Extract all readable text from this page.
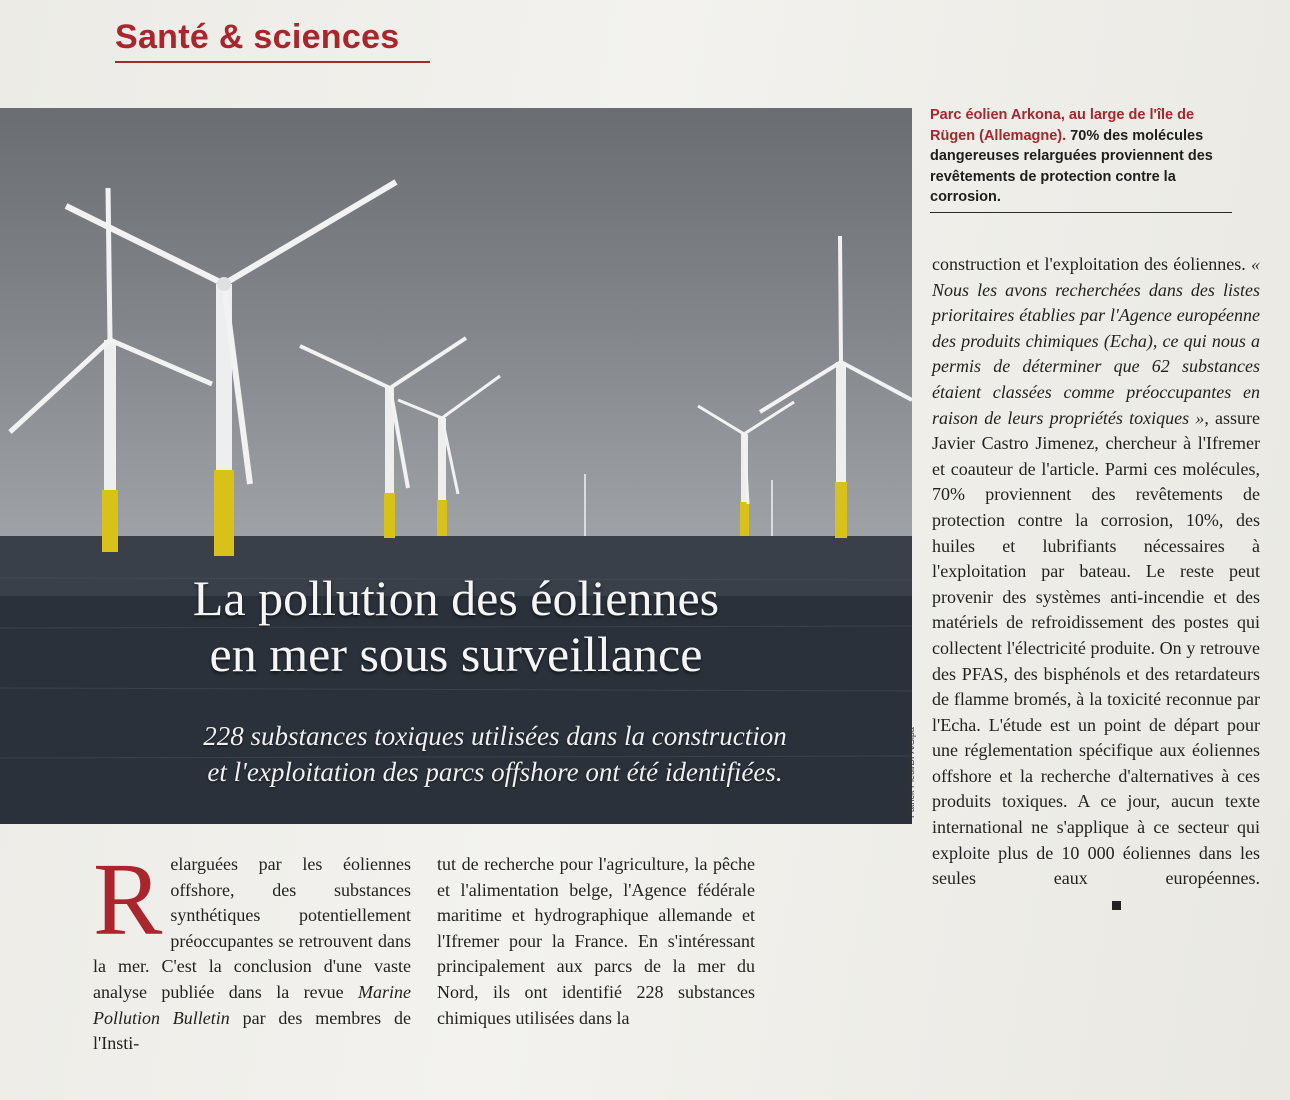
Santé & sciences
La pollution des éoliennes
en mer sous surveillance
228 substances toxiques utilisées dans la construction
et l'exploitation des parcs offshore ont été identifiées.	Patrick Pleul/DPA/Sipa
Parc éolien Arkona, au large de l'île de Rügen (Allemagne). 70% des molécules dangereuses relarguées proviennent des revêtements de protection contre la corrosion.
Relarguées par les éoliennes offshore, des substances synthétiques potentiellement préoccupantes se retrouvent dans la mer. C'est la conclusion d'une vaste analyse publiée dans la revue Marine Pollution Bulletin par des membres de l'Insti-
tut de recherche pour l'agriculture, la pêche et l'alimentation belge, l'Agence fédérale maritime et hydrographique allemande et l'Ifremer pour la France. En s'intéressant principalement aux parcs de la mer du Nord, ils ont identifié 228 substances chimiques utilisées dans la
construction et l'exploitation des éoliennes. « Nous les avons recherchées dans des listes prioritaires établies par l'Agence européenne des produits chimiques (Echa), ce qui nous a permis de déterminer que 62 substances étaient classées comme préoccupantes en raison de leurs propriétés toxiques », assure Javier Castro Jimenez, chercheur à l'Ifremer et coauteur de l'article. Parmi ces molécules, 70% proviennent des revêtements de protection contre la corrosion, 10%, des huiles et lubrifiants nécessaires à l'exploitation par bateau. Le reste peut provenir des systèmes anti-incendie et des matériels de refroidissement des postes qui collectent l'électricité produite. On y retrouve des PFAS, des bisphénols et des retardateurs de flamme bromés, à la toxicité reconnue par l'Echa. L'étude est un point de départ pour une réglementation spécifique aux éoliennes offshore et la recherche d'alternatives à ces produits toxiques. A ce jour, aucun texte international ne s'applique à ce secteur qui exploite plus de 10 000 éoliennes dans les seules eaux européennes.
